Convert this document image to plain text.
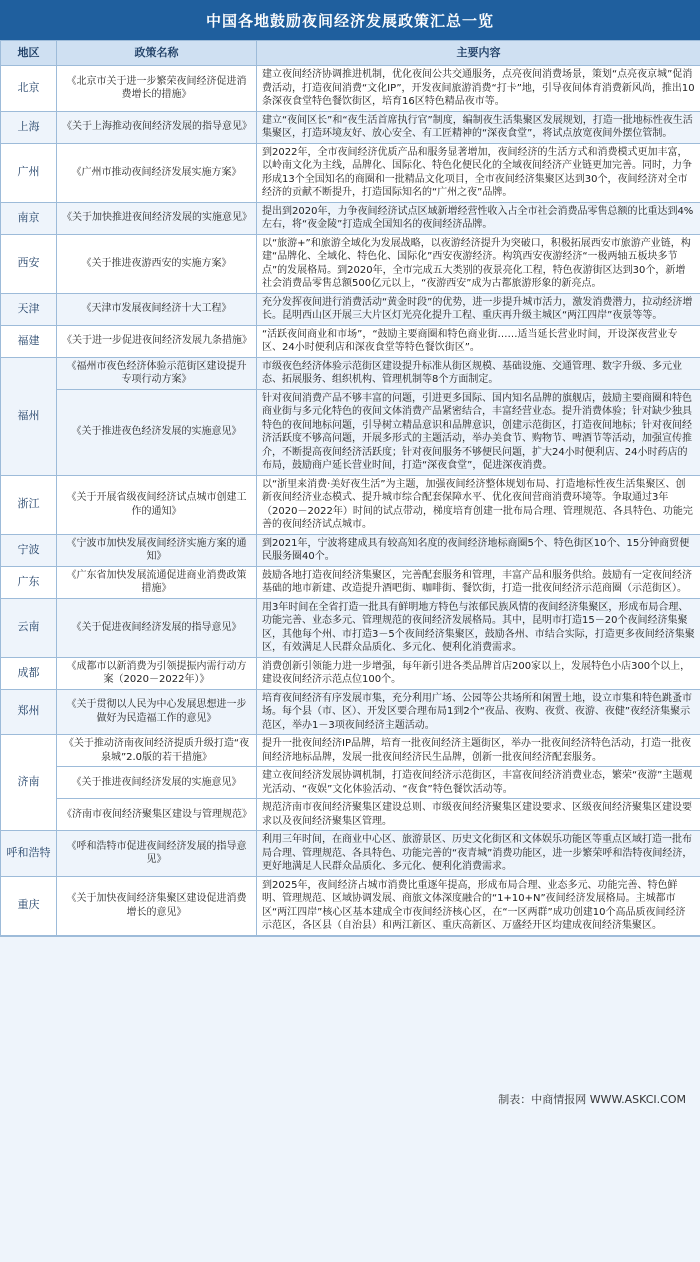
中国各地鼓励夜间经济发展政策汇总一览
地区	政策名称	主要内容
北京	《北京市关于进一步繁荣夜间经济促进消费增长的措施》	建立夜间经济协调推进机制，优化夜间公共交通服务，点亮夜间消费场景，策划“点亮夜京城”促消费活动，打造夜间消费“文化IP”，开发夜间旅游消费“打卡”地，引导夜间体育消费新风尚，推出10条深夜食堂特色餐饮街区，培育16区特色精品夜市等。
上海	《关于上海推动夜间经济发展的指导意见》	建立“夜间区长”和“夜生活首席执行官”制度，编制夜生活集聚区发展规划，打造一批地标性夜生活集聚区，打造环境友好、放心安全、有工匠精神的“深夜食堂”，将试点放宽夜间外摆位管制。
广州	《广州市推动夜间经济发展实施方案》	到2022年，全市夜间经济优质产品和服务显著增加，夜间经济的生活方式和消费模式更加丰富，以岭南文化为主线，品牌化、国际化、特色化便民化的全域夜间经济产业链更加完善。同时，力争形成13个全国知名的商圈和一批精品文化项目，全市夜间经济集聚区达到30个，夜间经济对全市经济的贡献不断提升，打造国际知名的“广州之夜”品牌。
南京	《关于加快推进夜间经济发展的实施意见》	提出到2020年，力争夜间经济试点区域新增经营性收入占全市社会消费品零售总额的比重达到4%左右，将“夜金陵”打造成全国知名的夜间经济品牌。
西安	《关于推进夜游西安的实施方案》	以“旅游+”和旅游全域化为发展战略，以夜游经济提升为突破口，积极拓展西安市旅游产业链，构建“品牌化、全域化、特色化、国际化”西安夜游经济。构筑西安夜游经济“一极两轴五板块多节点”的发展格局。到2020年，全市完成五大类别的夜景亮化工程，特色夜游街区达到30个，新增社会消费品零售总额500亿元以上，“夜游西安”成为古都旅游形象的新亮点。
天津	《天津市发展夜间经济十大工程》	充分发挥夜间进行消费活动“黄金时段”的优势，进一步提升城市活力，激发消费潜力，拉动经济增长。昆明西山区开展三大片区灯光亮化提升工程、重庆再升级主城区“两江四岸”夜景等等。
福建	《关于进一步促进夜间经济发展九条措施》	“活跃夜间商业和市场”，“鼓励主要商圈和特色商业街……适当延长营业时间，开设深夜营业专区、24小时便利店和深夜食堂等特色餐饮街区”。
福州	《福州市夜色经济体验示范街区建设提升专项行动方案》	市级夜色经济体验示范街区建设提升标准从街区规模、基础设施、交通管理、数字升级、多元业态、拓展服务、组织机构、管理机制等8个方面制定。
	《关于推进夜色经济发展的实施意见》	针对夜间消费产品不够丰富的问题，引进更多国际、国内知名品牌的旗舰店，鼓励主要商圈和特色商业街与多元化特色的夜间文体消费产品紧密结合，丰富经营业态。提升消费体验；针对缺少独具特色的夜间地标问题，引导树立精品意识和品牌意识，创建示范街区，打造夜间地标；针对夜间经济活跃度不够高问题，开展多形式的主题活动，举办美食节、购物节、啤酒节等活动，加强宣传推介，不断提高夜间经济活跃度；针对夜间服务不够便民问题，扩大24小时便利店、24小时药店的布局，鼓励商户延长营业时间，打造“深夜食堂”，促进深夜消费。
浙江	《关于开展省级夜间经济试点城市创建工作的通知》	以“浙里来消费·美好夜生活”为主题，加强夜间经济整体规划布局、打造地标性夜生活集聚区、创新夜间经济业态模式、提升城市综合配套保障水平、优化夜间营商消费环境等。争取通过3年（2020－2022年）时间的试点带动，梯度培育创建一批布局合理、管理规范、各具特色、功能完善的夜间经济试点城市。
宁波	《宁波市加快发展夜间经济实施方案的通知》	到2021年，宁波将建成具有较高知名度的夜间经济地标商圈5个、特色街区10个、15分钟商贸便民服务圈40个。
广东	《广东省加快发展流通促进商业消费政策措施》	鼓励各地打造夜间经济集聚区，完善配套服务和管理，丰富产品和服务供给。鼓励有一定夜间经济基础的地市新建、改造提升酒吧街、咖啡街、餐饮街，打造一批夜间经济示范商圈（示范街区）。
云南	《关于促进夜间经济发展的指导意见》	用3年时间在全省打造一批具有鲜明地方特色与浓郁民族风情的夜间经济集聚区，形成布局合理、功能完善、业态多元、管理规范的夜间经济发展格局。其中，昆明市打造15－20个夜间经济集聚区，其他每个州、市打造3－5个夜间经济集聚区，鼓励各州、市结合实际，打造更多夜间经济集聚区，有效满足人民群众品质化、多元化、便利化消费需求。
成都	《成都市以新消费为引领提振内需行动方案（2020－2022年）》	消费创新引领能力进一步增强，每年新引进各类品牌首店200家以上，发展特色小店300个以上，建设夜间经济示范点位100个。
郑州	《关于贯彻以人民为中心发展思想进一步做好为民造福工作的意见》	培育夜间经济有序发展市集，充分利用广场、公园等公共场所和闲置土地，设立市集和特色跳蚤市场。每个县（市、区）、开发区要合理布局1到2个“夜品、夜购、夜赏、夜游、夜健”夜经济集聚示范区，举办1－3项夜间经济主题活动。
济南	《关于推动济南夜间经济提质升级打造“夜泉城”2.0版的若干措施》	提升一批夜间经济IP品牌，培育一批夜间经济主题街区，举办一批夜间经济特色活动，打造一批夜间经济地标品牌，发展一批夜间经济民生品牌，创新一批夜间经济配套服务。
	《关于推进夜间经济发展的实施意见》	建立夜间经济发展协调机制，打造夜间经济示范街区，丰富夜间经济消费业态，繁荣“夜游”主题观光活动、“夜娱”文化体验活动、“夜食”特色餐饮活动等。
	《济南市夜间经济聚集区建设与管理规范》	规范济南市夜间经济聚集区建设总则、市级夜间经济聚集区建设要求、区级夜间经济聚集区建设要求以及夜间经济聚集区管理。
呼和浩特	《呼和浩特市促进夜间经济发展的指导意见》	利用三年时间，在商业中心区、旅游景区、历史文化街区和文体娱乐功能区等重点区域打造一批布局合理、管理规范、各具特色、功能完善的“夜青城”消费功能区，进一步繁荣呼和浩特夜间经济，更好地满足人民群众品质化、多元化、便利化消费需求。
重庆	《关于加快夜间经济集聚区建设促进消费增长的意见》	到2025年，夜间经济占城市消费比重逐年提高，形成布局合理、业态多元、功能完善、特色鲜明、管理规范、区域协调发展、商旅文体深度融合的“1+10+N”夜间经济发展格局。主城都市区“两江四岸”核心区基本建成全市夜间经济核心区，在“一区两群”成功创建10个高品质夜间经济示范区，各区县（自治县）和两江新区、重庆高新区、万盛经开区均建成夜间经济集聚区。
制表：中商情报网 WWW.ASKCI.COM
